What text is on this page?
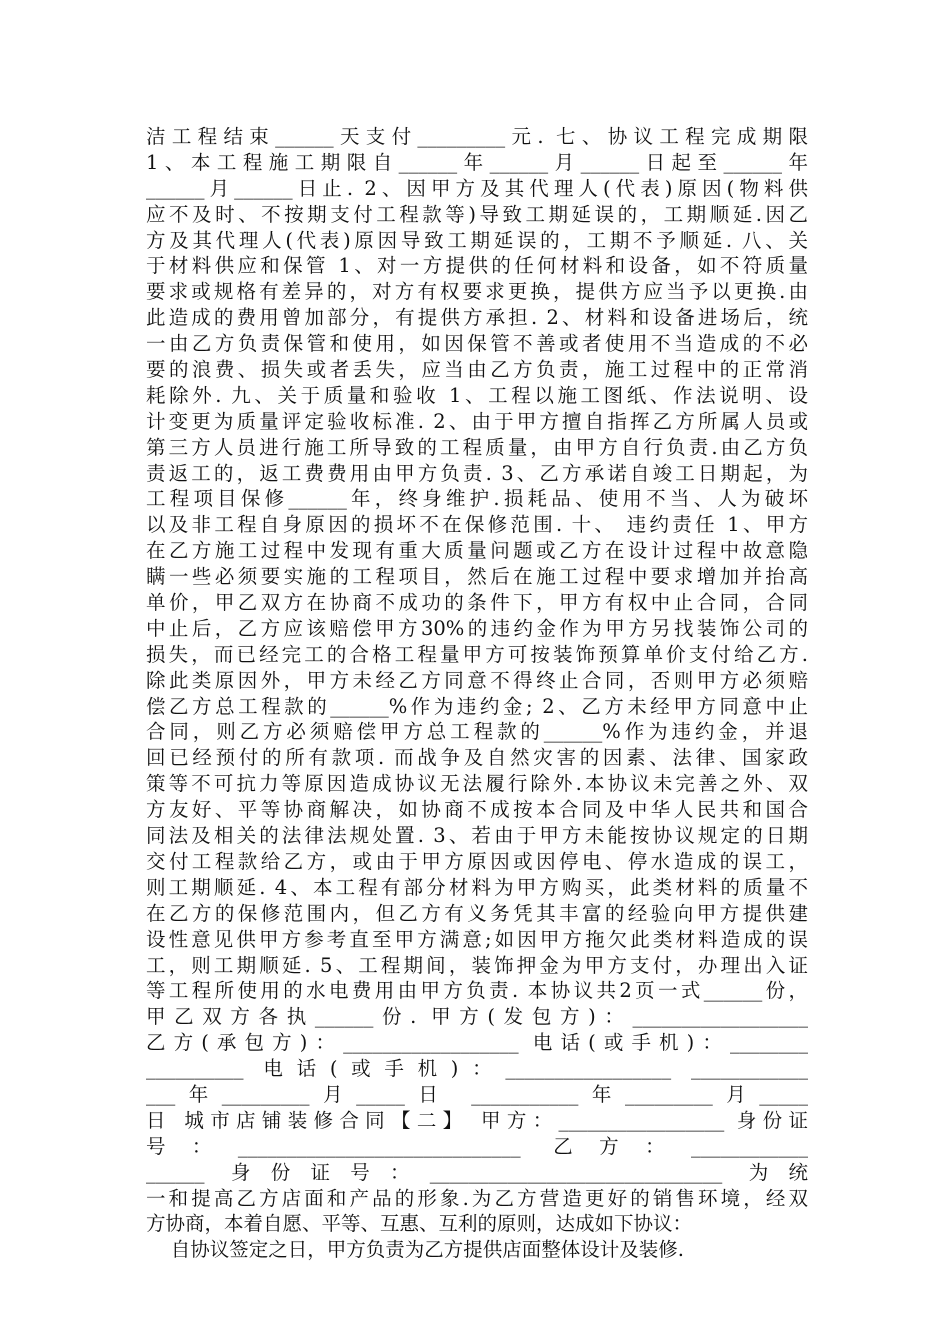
洁工程结束______天支付_________元. 七、协议工程完成期限
1、本工程施工期限自______年______月______日起至______年
______月______日止. 2、因甲方及其代理人(代表)原因(物料供
应不及时、不按期支付工程款等)导致工期延误的，工期顺延.因乙
方及其代理人(代表)原因导致工期延误的，工期不予顺延. 八、关
于材料供应和保管 1、对一方提供的任何材料和设备，如不符质量
要求或规格有差异的，对方有权要求更换，提供方应当予以更换.由
此造成的费用曾加部分，有提供方承担. 2、材料和设备进场后，统
一由乙方负责保管和使用，如因保管不善或者使用不当造成的不必
要的浪费、损失或者丢失，应当由乙方负责，施工过程中的正常消
耗除外. 九、关于质量和验收 1、工程以施工图纸、作法说明、设
计变更为质量评定验收标准. 2、由于甲方擅自指挥乙方所属人员或
第三方人员进行施工所导致的工程质量，由甲方自行负责.由乙方负
责返工的，返工费费用由甲方负责. 3、乙方承诺自竣工日期起，为
工程项目保修______年，终身维护.损耗品、使用不当、人为破坏
以及非工程自身原因的损坏不在保修范围. 十、 违约责任 1、甲方
在乙方施工过程中发现有重大质量问题或乙方在设计过程中故意隐
瞒一些必须要实施的工程项目，然后在施工过程中要求增加并抬高
单价，甲乙双方在协商不成功的条件下，甲方有权中止合同，合同
中止后，乙方应该赔偿甲方30%的违约金作为甲方另找装饰公司的
损失，而已经完工的合格工程量甲方可按装饰预算单价支付给乙方.
除此类原因外，甲方未经乙方同意不得终止合同，否则甲方必须赔
偿乙方总工程款的______%作为违约金; 2、乙方未经甲方同意中止
合同，则乙方必须赔偿甲方总工程款的______%作为违约金，并退
回已经预付的所有款项. 而战争及自然灾害的因素、法律、国家政
策等不可抗力等原因造成协议无法履行除外.本协议未完善之外、双
方友好、平等协商解决，如协商不成按本合同及中华人民共和国合
同法及相关的法律法规处置. 3、若由于甲方未能按协议规定的日期
交付工程款给乙方，或由于甲方原因或因停电、停水造成的误工，
则工期顺延. 4、本工程有部分材料为甲方购买，此类材料的质量不
在乙方的保修范围内，但乙方有义务凭其丰富的经验向甲方提供建
设性意见供甲方参考直至甲方满意;如因甲方拖欠此类材料造成的误
工，则工期顺延. 5、工程期间，装饰押金为甲方支付，办理出入证
等工程所使用的水电费用由甲方负责. 本协议共2页一式______份，
甲乙双方各执______份. 甲方(发包方)：__________________
乙方(承包方)：__________________ 电话(或手机)：________
__________ 电话(或手机)：_________________ ____________
___年_________月_____日 ___________年_________月_____
日 城市店铺装修合同【二】 甲方：_________________ 身份证
号：_____________________________ 乙方：____________
______ 身份证号：______________________________ 为统
一和提高乙方店面和产品的形象.为乙方营造更好的销售环境，经双
方协商，本着自愿、平等、互惠、互利的原则，达成如下协议：
自协议签定之日，甲方负责为乙方提供店面整体设计及装修.
